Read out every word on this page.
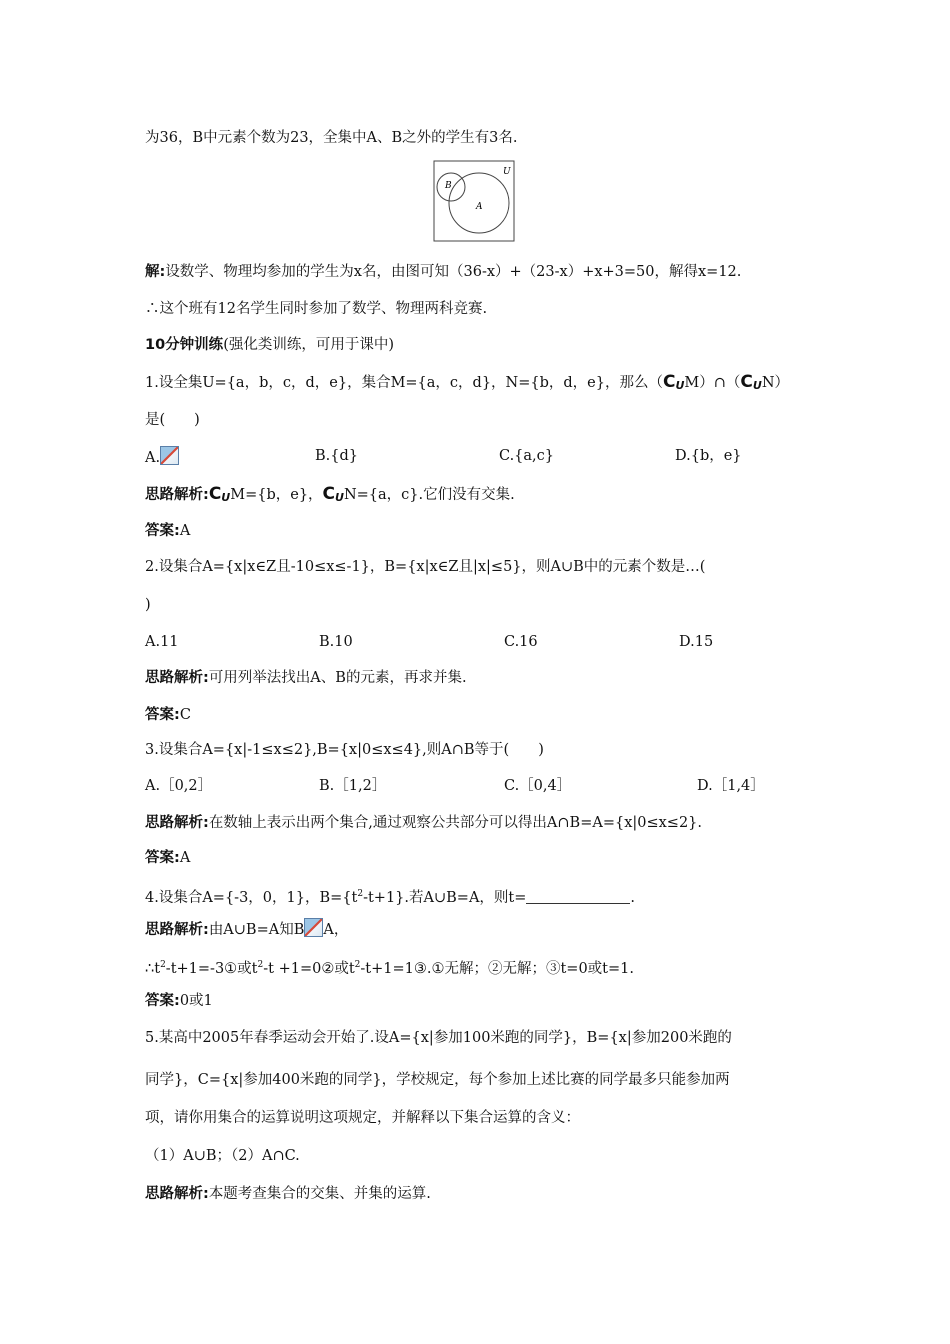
为36，B中元素个数为23，全集中A、B之外的学生有3名.
B
A
U
解:设数学、物理均参加的学生为x名，由图可知（36-x）+（23-x）+x+3=50，解得x=12.
∴这个班有12名学生同时参加了数学、物理两科竞赛.
10分钟训练(强化类训练，可用于课中)
1.设全集U={a，b，c，d，e}，集合M={a，c，d}，N={b，d，e}，那么$(C_UM)\cap(C_UN)$
是(　　)
A.	B.{d}	C.{a,c}	D.{b，e}
思路解析$:C_UM=\{b$，e}，$C_UN=\{a$，c}.它们没有交集.
答案:A
2.设集合A={x|x∈Z且-10≤x≤-1}，B={x|x∈Z且|x|≤5}，则A∪B中的元素个数是…(
)
A.11	B.10	C.16	D.15
思路解析:可用列举法找出A、B的元素，再求并集.
答案:C
3.设集合A={x|-1≤x≤2},B={x|0≤x≤4},则A∩B等于(　　)
A.［0,2］	B.［1,2］	C.［0,4］	D.［1,4］
思路解析:在数轴上表示出两个集合,通过观察公共部分可以得出A∩B=A={x|0≤x≤2}.
答案:A
4.设集合A={-3，0，1}，$B=\{t^2-t+1\}$.若A∪B=A，则t=	.
思路解析:由A∪B=A知B A，
$\therefore t^2-t+1=-3①$或$t^2-t$ +1=0②或$t^2-t+1=1③.①$无解；②无解；③t=0或t=1.
答案:0或1
5.某高中2005年春季运动会开始了.设A={x|参加100米跑的同学}，B={x|参加200米跑的
同学}，C={x|参加400米跑的同学}，学校规定，每个参加上述比赛的同学最多只能参加两
项，请你用集合的运算说明这项规定，并解释以下集合运算的含义：
（1）A∪B；（2）A∩C.
思路解析:本题考查集合的交集、并集的运算.
